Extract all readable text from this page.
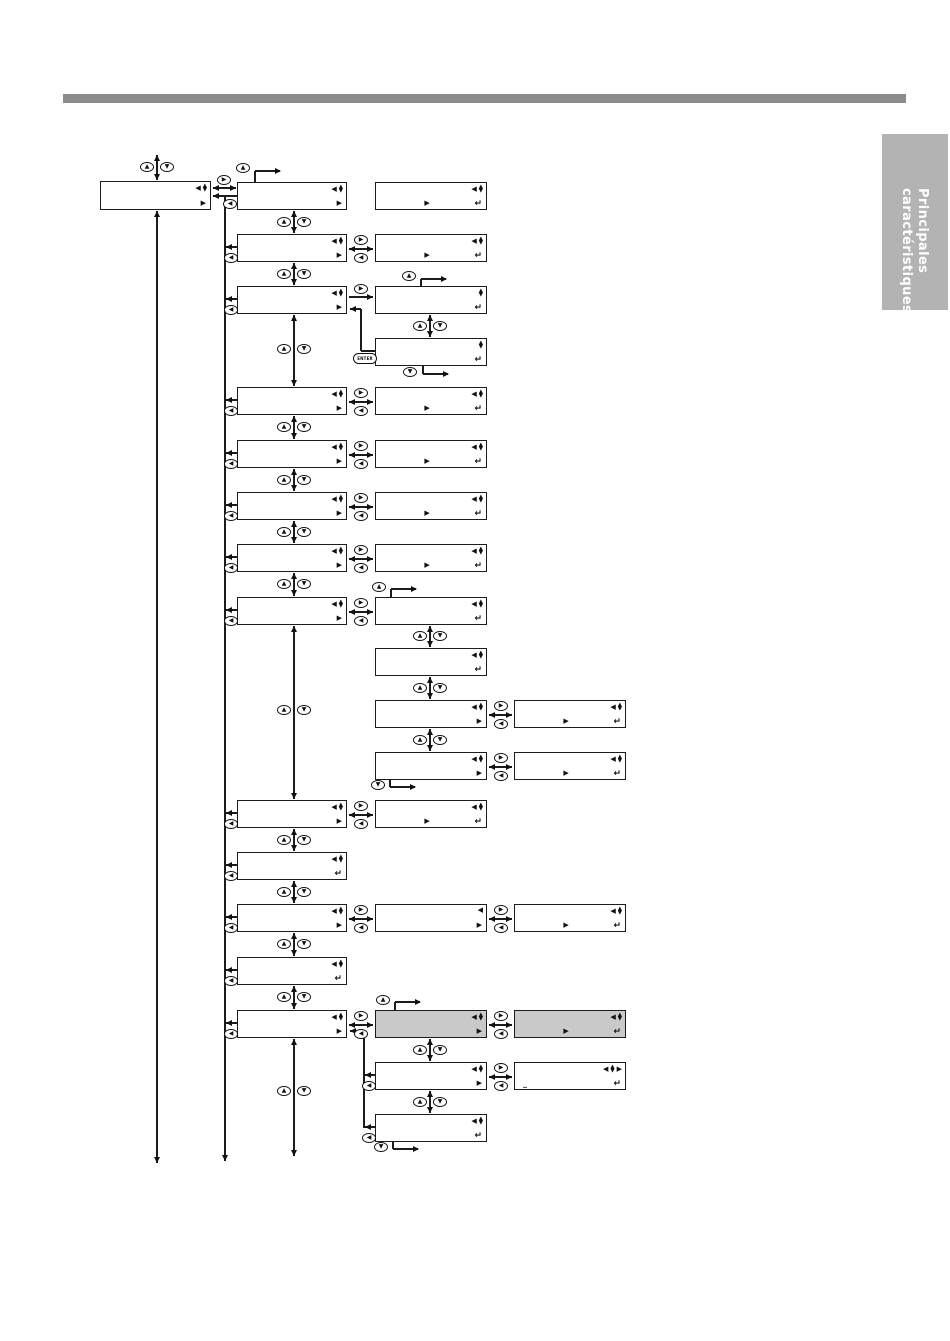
Principales
caractéristiques
◀ ▲
▼
▶
◀ ▲
▼
▶
◀ ▲
▼
▶
◀ ▲
▼
▶
◀ ▲
▼
▶
◀ ▲
▼
▶
◀ ▲
▼
▶
◀ ▲
▼
▶
◀ ▲
▼
▶
◀ ▲
▼
▶
◀ ▲
▼
↵
◀ ▲
▼
▶
◀ ▲
▼
↵
◀ ▲
▼
▶
◀ ▲
▼
▶	↵
◀ ▲
▼
▶	↵
▲
▼
↵
▲
▼
↵
◀ ▲
▼
▶	↵
◀ ▲
▼
▶	↵
◀ ▲
▼
▶	↵
◀ ▲
▼
▶	↵
◀ ▲
▼
↵
◀ ▲
▼
↵
◀ ▲
▼
▶
◀ ▲
▼
▶
◀ ▲
▼
▶	↵
◀
▶
◀ ▲
▼
▶
◀ ▲
▼
▶
◀ ▲
▼
↵
◀ ▲
▼
▶	↵
◀ ▲
▼
▶	↵
◀ ▲
▼
▶	↵
◀ ▲
▼
▶	↵
◀ ▲
▼ ▶
↵
_
▲	▼
▲	▼
▲	▼
▲	▼
▲	▼
▲	▼
▲	▼
▲	▼
▲	▼
▲	▼
▲	▼
▲	▼
▲	▼
▲	▼
▲	▼
▲	▼
▲	▼
▲	▼
▲	▼
▲	▼
▶
▶
◀
▶
▶
◀
▶
◀
▶
◀
▶
◀
▶
◀
▶
◀
▶
◀
▶
◀
▶
◀
▶
◀
▶
◀
▶
◀
▶
◀
◀
◀
◀
◀
◀
◀
◀
◀
◀
◀
◀
◀
◀
ENTER
◀
◀
▲
▲
▼
▲
▼
▲
▼
